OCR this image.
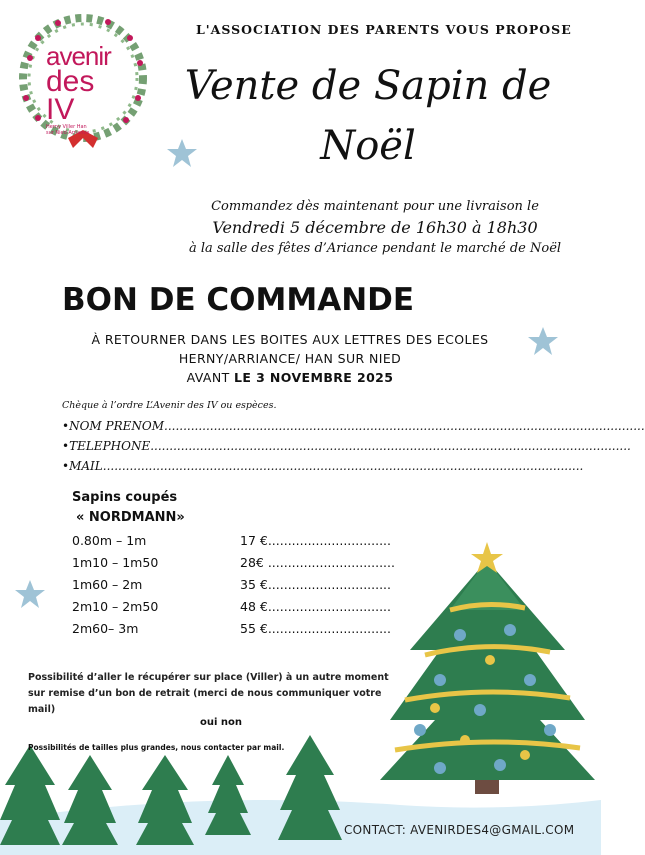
avenir
des IV
Herny Viller Han sur Nied Arriance
L'ASSOCIATION DES PARENTS VOUS PROPOSE
Vente de Sapin de Noël
Commandez dès maintenant pour une livraison le
Vendredi 5 décembre de 16h30 à 18h30
à la salle des fêtes d’Ariance pendant le marché de Noël
BON DE COMMANDE
À RETOURNER DANS LES BOITES AUX LETTRES DES ECOLES
HERNY/ARRIANCE/ HAN SUR NIED
AVANT LE 3 NOVEMBRE 2025
Chèque à l’ordre L’Avenir des IV ou espèces.
• NOM PRENOM ..............................................................................................................................
• TELEPHONE ..............................................................................................................................
• MAIL ..............................................................................................................................
Sapins coupés
« NORDMANN»
0.80m – 1m	17 €...............................
1m10 – 1m50	28€ ................................
1m60 – 2m	35 €...............................
2m10 – 2m50	48 €...............................
2m60– 3m	55 €...............................
Possibilité d’aller le récupérer sur place (Viller) à un autre moment sur remise d’un bon de retrait (merci de nous communiquer votre mail)
oui non
Possibilités de tailles plus grandes, nous contacter par mail.
CONTACT: AVENIRDES4@GMAIL.COM
